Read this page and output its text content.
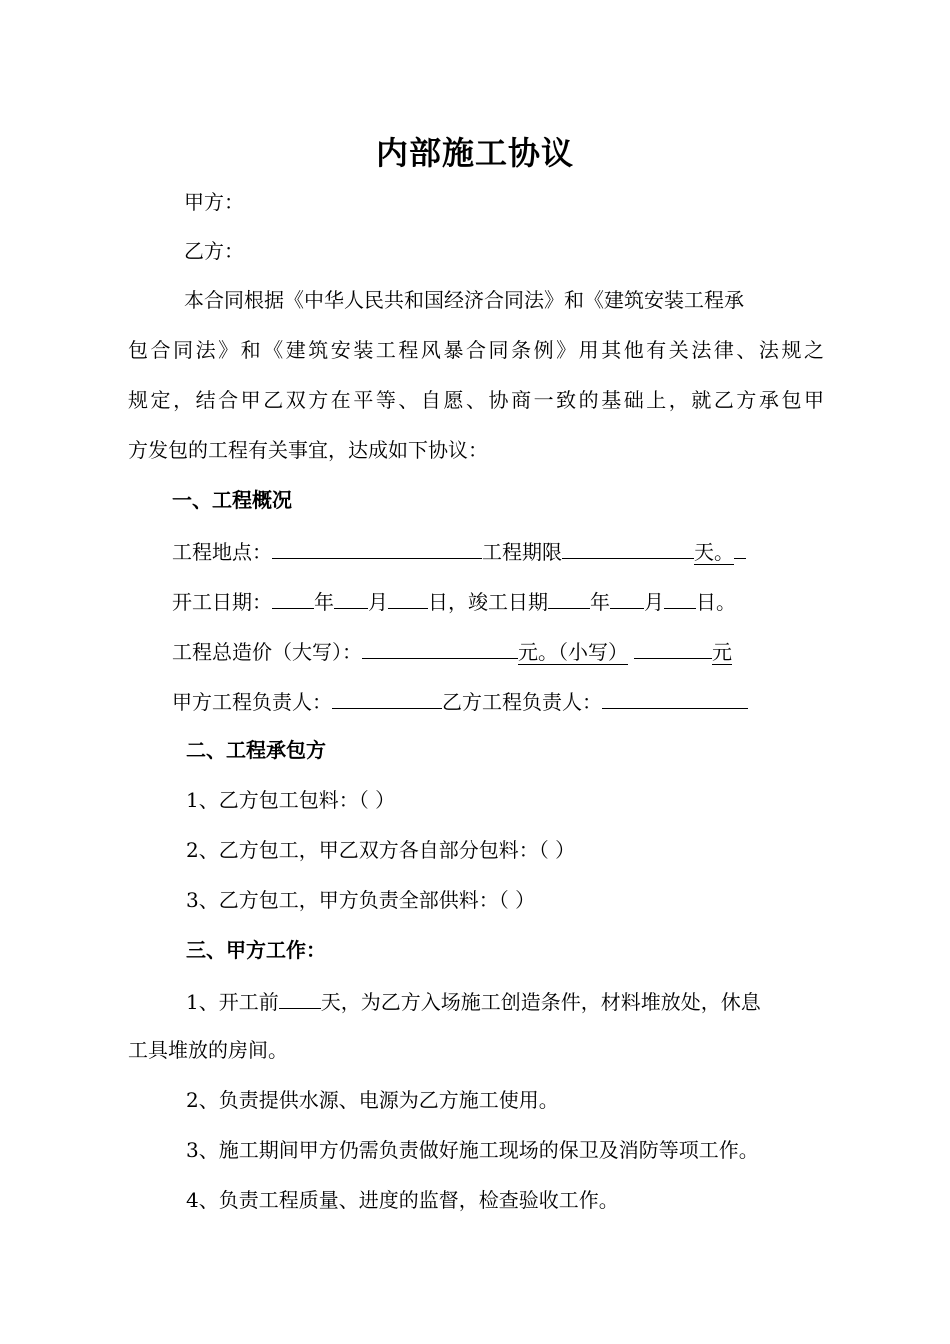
内部施工协议
甲方：
乙方：
本合同根据《中华人民共和国经济合同法》和《建筑安装工程承
包合同法》和《建筑安装工程风暴合同条例》用其他有关法律、法规之
规定，结合甲乙双方在平等、自愿、协商一致的基础上，就乙方承包甲
方发包的工程有关事宜，达成如下协议：
一、工程概况
工程地点：	工程期限	天。
开工日期： 年 月 日，竣工日期 年 月 日。
工程总造价（大写）：	元。（小写）	元
甲方工程负责人：	乙方工程负责人：
二、工程承包方
1、乙方包工包料：（ ）
2、乙方包工，甲乙双方各自部分包料：（ ）
3、乙方包工，甲方负责全部供料：（ ）
三、甲方工作：
1、开工前 天，为乙方入场施工创造条件，材料堆放处，休息
工具堆放的房间。
2、负责提供水源、电源为乙方施工使用。
3、施工期间甲方仍需负责做好施工现场的保卫及消防等项工作。
4、负责工程质量、进度的监督，检查验收工作。
